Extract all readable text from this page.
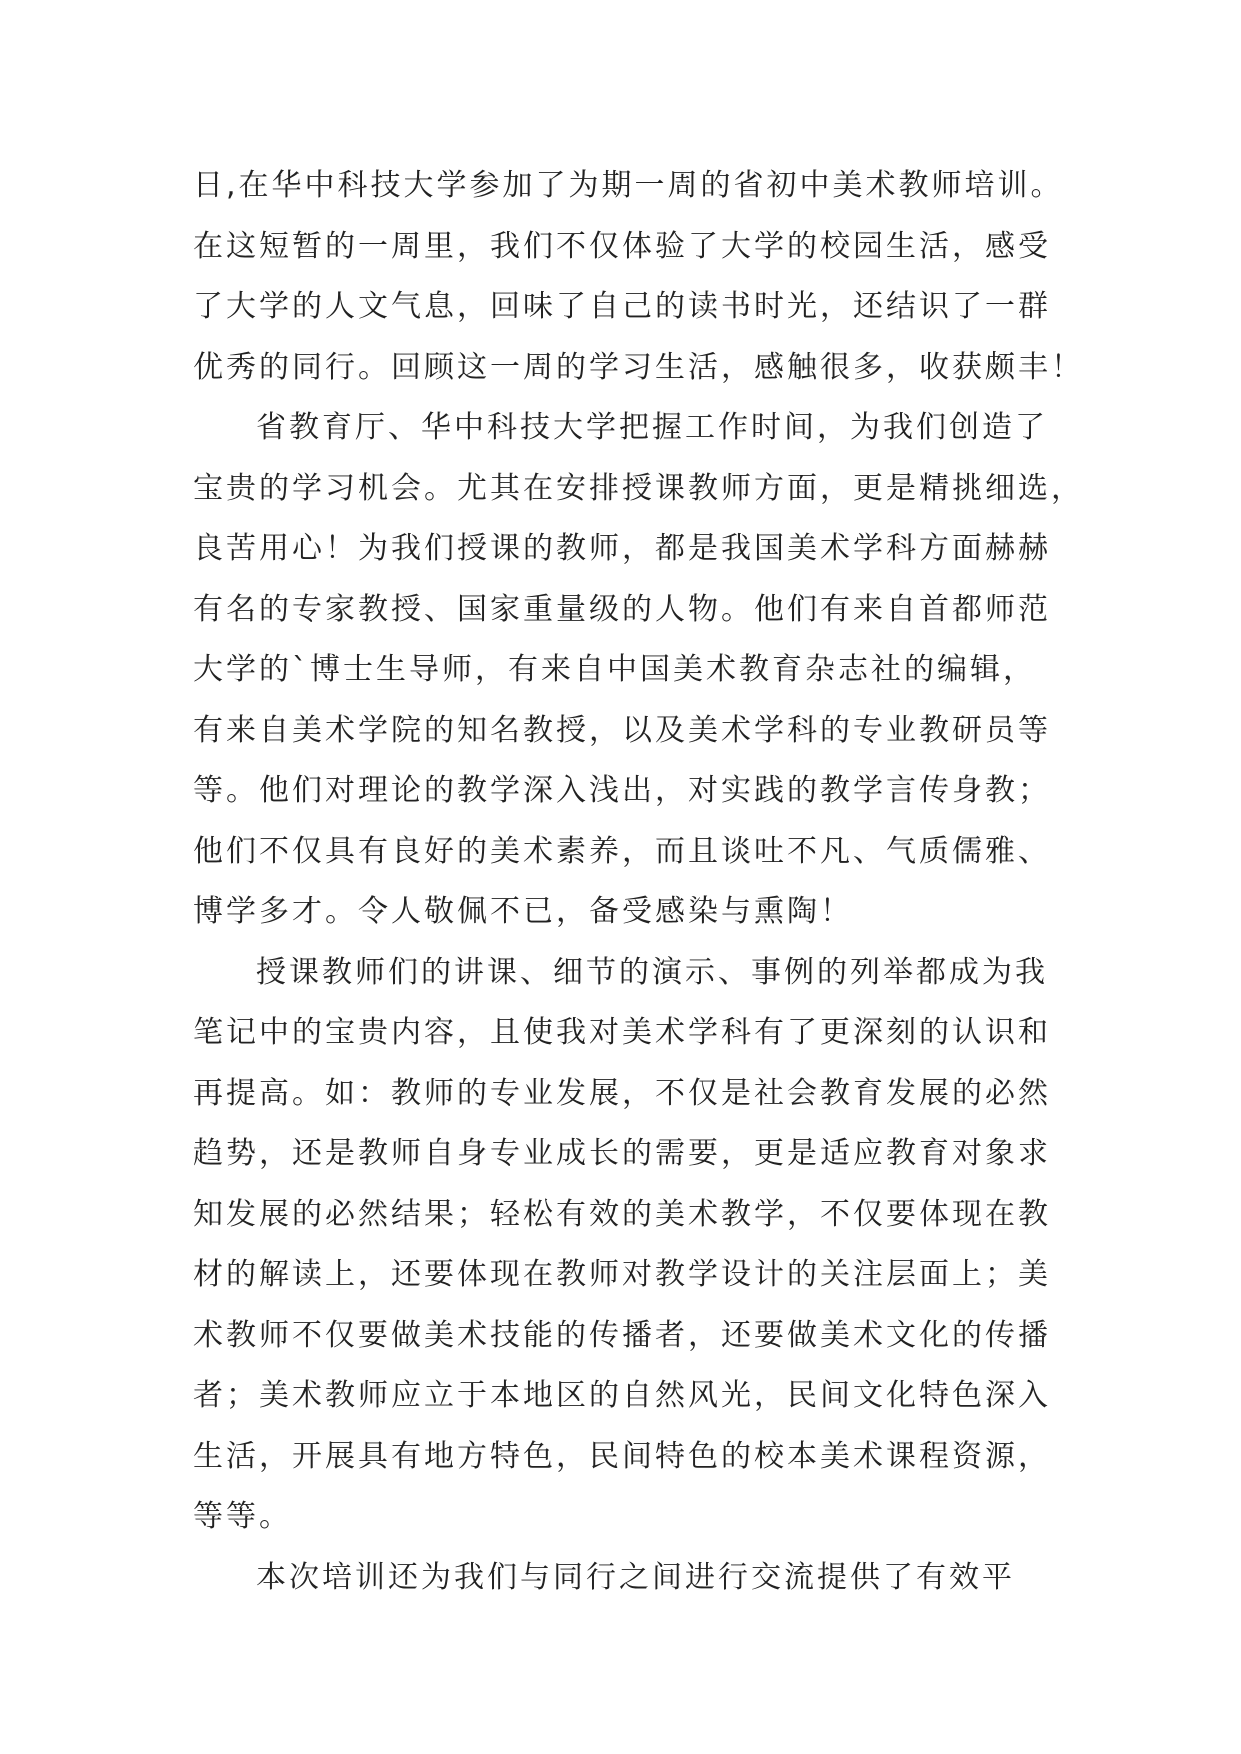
日,在华中科技大学参加了为期一周的省初中美术教师培训。
在这短暂的一周里，我们不仅体验了大学的校园生活，感受
了大学的人文气息，回味了自己的读书时光，还结识了一群
优秀的同行。回顾这一周的学习生活，感触很多，收获颇丰！
省教育厅、华中科技大学把握工作时间，为我们创造了
宝贵的学习机会。尤其在安排授课教师方面，更是精挑细选，
良苦用心！为我们授课的教师，都是我国美术学科方面赫赫
有名的专家教授、国家重量级的人物。他们有来自首都师范
大学的`博士生导师，有来自中国美术教育杂志社的编辑，
有来自美术学院的知名教授，以及美术学科的专业教研员等
等。他们对理论的教学深入浅出，对实践的教学言传身教；
他们不仅具有良好的美术素养，而且谈吐不凡、气质儒雅、
博学多才。令人敬佩不已，备受感染与熏陶！
授课教师们的讲课、细节的演示、事例的列举都成为我
笔记中的宝贵内容，且使我对美术学科有了更深刻的认识和
再提高。如：教师的专业发展，不仅是社会教育发展的必然
趋势，还是教师自身专业成长的需要，更是适应教育对象求
知发展的必然结果；轻松有效的美术教学，不仅要体现在教
材的解读上，还要体现在教师对教学设计的关注层面上；美
术教师不仅要做美术技能的传播者，还要做美术文化的传播
者；美术教师应立于本地区的自然风光，民间文化特色深入
生活，开展具有地方特色，民间特色的校本美术课程资源，
等等。
本次培训还为我们与同行之间进行交流提供了有效平
